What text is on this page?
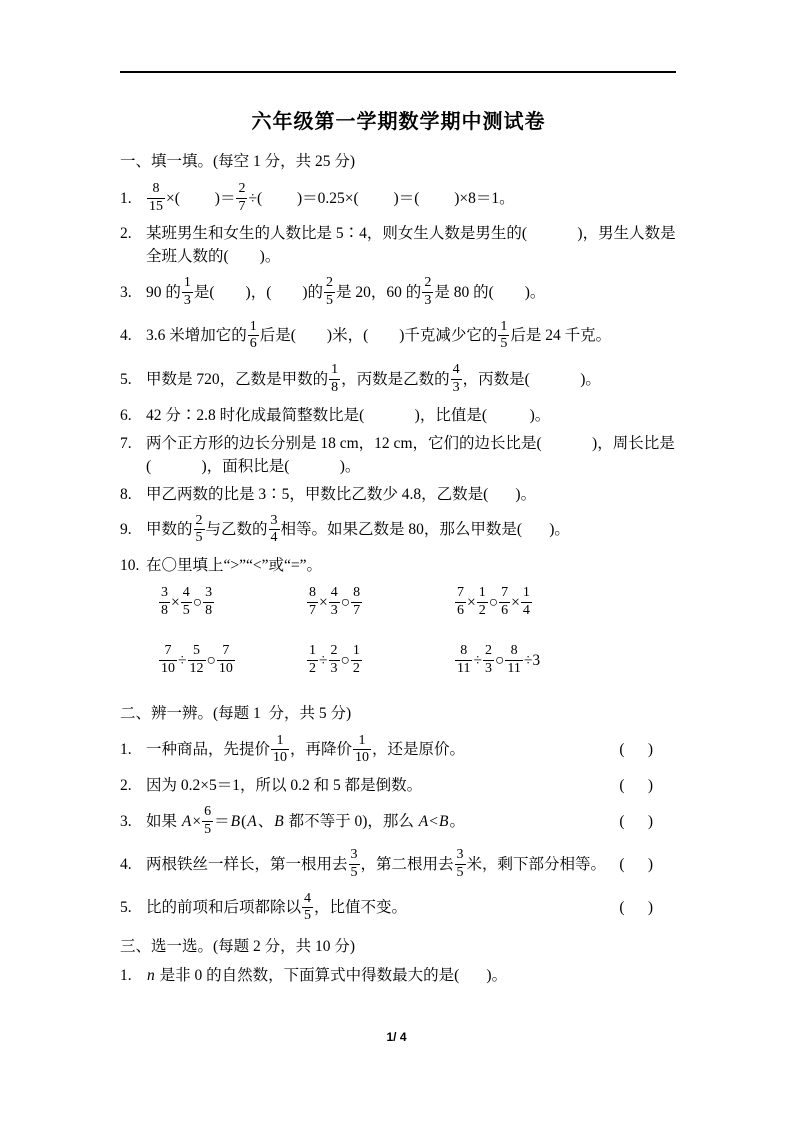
六年级第一学期数学期中测试卷
一、填一填。(每空 1 分，共 25 分)
1.	$\frac{8}{15}$ ×(         )＝ $\frac{2}{7}$ ÷(         )＝0.25×(         )＝(         )×8＝1。
2. 某班男生和女生的人数比是 5∶4，则女生人数是男生的(             )，男生人数是全班人数的(        )。
3. 90 的 $\frac{1}{3}$ 是(        )，(        )的 $\frac{2}{5}$ 是 20，60 的 $\frac{2}{3}$ 是 80 的(        )。
4. 3.6 米增加它的 $\frac{1}{6}$ 后是(        )米，(        )千克减少它的 $\frac{1}{5}$ 后是 24 千克。
5. 甲数是 720，乙数是甲数的 $\frac{1}{8}$ ，丙数是乙数的 $\frac{4}{3}$ ，丙数是(             )。
6. 42 分∶2.8 时化成最简整数比是(             )，比值是(           )。
7. 两个正方形的边长分别是 18 cm，12 cm，它们的边长比是(             )，周长比是(             )，面积比是(             )。
8. 甲乙两数的比是 3∶5，甲数比乙数少 4.8，乙数是(       )。
9. 甲数的 $\frac{2}{5}$ 与乙数的 $\frac{3}{4}$ 相等。如果乙数是 80，那么甲数是(       )。
10. 在〇里填上“>”“<”或“=”。
$\frac{3}{8} \times \frac{4}{5}$ ○ $\frac{3}{8}$	$\frac{8}{7} \times \frac{4}{3}$ ○ $\frac{8}{7}$	$\frac{7}{6} \times \frac{1}{2}$ ○ $\frac{7}{6} \times \frac{1}{4}$
$\frac{7}{10} \div \frac{5}{12}$ ○ $\frac{7}{10}$	$\frac{1}{2} \div \frac{2}{3}$ ○ $\frac{1}{2}$	$\frac{8}{11} \div \frac{2}{3}$ ○ $\frac{8}{11} \div 3$
二、辨一辨。(每题 1  分，共 5 分)
1. 一种商品，先提价 $\frac{1}{10}$ ，再降价 $\frac{1}{10}$ ，还是原价。	(      )
2. 因为 0.2×5＝1，所以 0.2 和 5 都是倒数。	(      )
3. 如果 $A \times \frac{6}{5} = B$ ( A 、 B 都不等于 0)，那么 A < B 。	(      )
4. 两根铁丝一样长，第一根用去 $\frac{3}{5}$ ，第二根用去 $\frac{3}{5}$ 米，剩下部分相等。 (      )
5. 比的前项和后项都除以 $\frac{4}{5}$ ，比值不变。	(      )
三、选一选。(每题 2 分，共 10 分)
1. n 是非 0 的自然数，下面算式中得数最大的是(       )。
1/ 4
